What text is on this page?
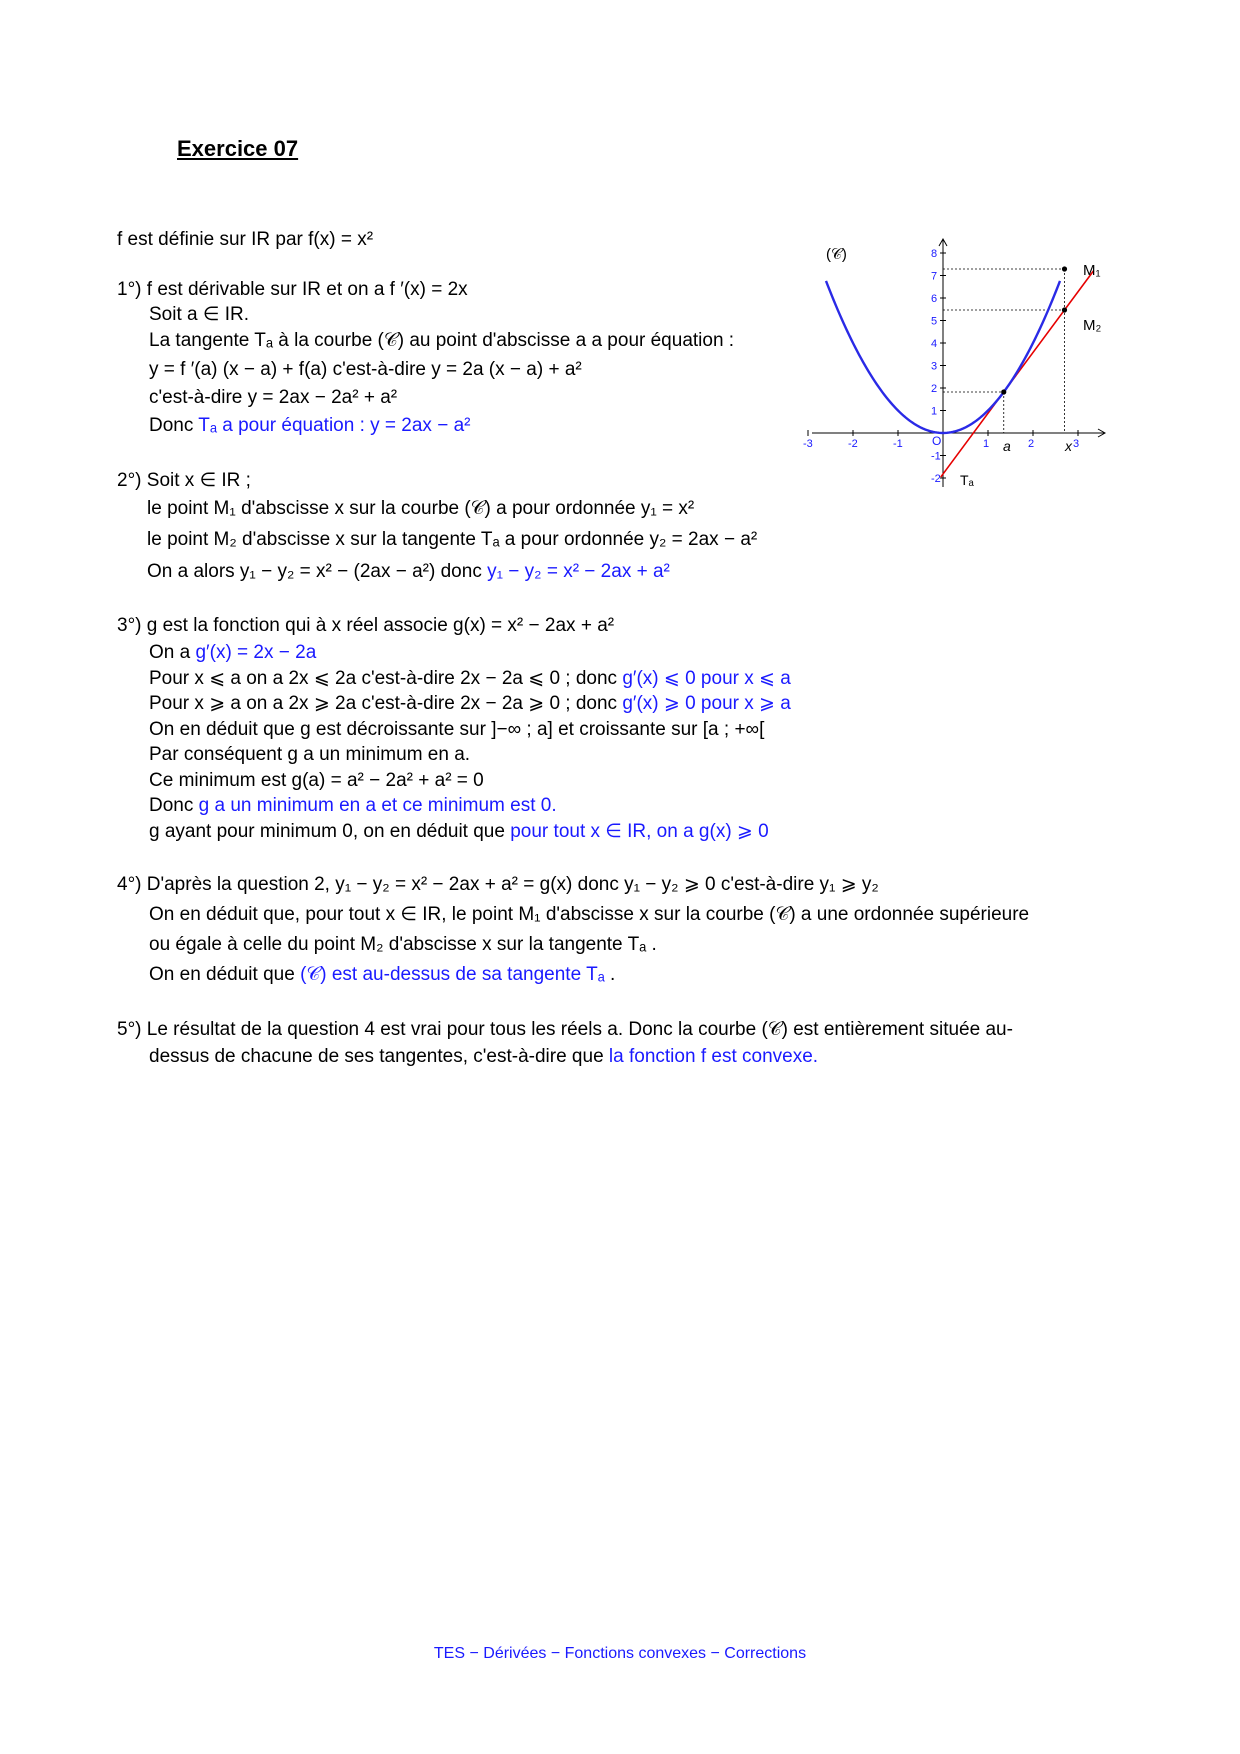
Exercice 07
f est définie sur IR par f(x) = x²
1°) f est dérivable sur IR et on a f ′(x) = 2x
Soit a ∈ IR.
La tangente Tₐ à la courbe (𝒞) au point d'abscisse a a pour équation :
y = f ′(a) (x − a) + f(a) c'est-à-dire y = 2a (x − a) + a²
c'est-à-dire y = 2ax − 2a² + a²
Donc Tₐ a pour équation : y = 2ax − a²
2°) Soit x ∈ IR ;
le point M₁ d'abscisse x sur la courbe (𝒞) a pour ordonnée y₁ = x²
le point M₂ d'abscisse x sur la tangente Tₐ a pour ordonnée y₂ = 2ax − a²
On a alors y₁ − y₂ = x² − (2ax − a²) donc y₁ − y₂ = x² − 2ax + a²
3°) g est la fonction qui à x réel associe g(x) = x² − 2ax + a²
On a g′(x) = 2x − 2a
Pour x ⩽ a on a 2x ⩽ 2a c'est-à-dire 2x − 2a ⩽ 0 ; donc g′(x) ⩽ 0 pour x ⩽ a
Pour x ⩾ a on a 2x ⩾ 2a c'est-à-dire 2x − 2a ⩾ 0 ; donc g′(x) ⩾ 0 pour x ⩾ a
On en déduit que g est décroissante sur ]−∞ ; a] et croissante sur [a ; +∞[
Par conséquent g a un minimum en a.
Ce minimum est g(a) = a² − 2a² + a² = 0
Donc g a un minimum en a et ce minimum est 0.
g ayant pour minimum 0, on en déduit que pour tout x ∈ IR, on a g(x) ⩾ 0
4°) D'après la question 2, y₁ − y₂ = x² − 2ax + a² = g(x) donc y₁ − y₂ ⩾ 0 c'est-à-dire y₁ ⩾ y₂
On en déduit que, pour tout x ∈ IR, le point M₁ d'abscisse x sur la courbe (𝒞) a une ordonnée supérieure
ou égale à celle du point M₂ d'abscisse x sur la tangente Tₐ .
On en déduit que (𝒞) est au-dessus de sa tangente Tₐ .
5°) Le résultat de la question 4 est vrai pour tous les réels a. Donc la courbe (𝒞) est entièrement située au-
dessus de chacune de ses tangentes, c'est-à-dire que la fonction f est convexe.
-3	-2	-1	1	2	3
8
7
6
5
4
3
2
1
-1
-2
(𝒞)
Tₐ
M₁
M₂
O	a	x
TES − Dérivées − Fonctions convexes − Corrections
